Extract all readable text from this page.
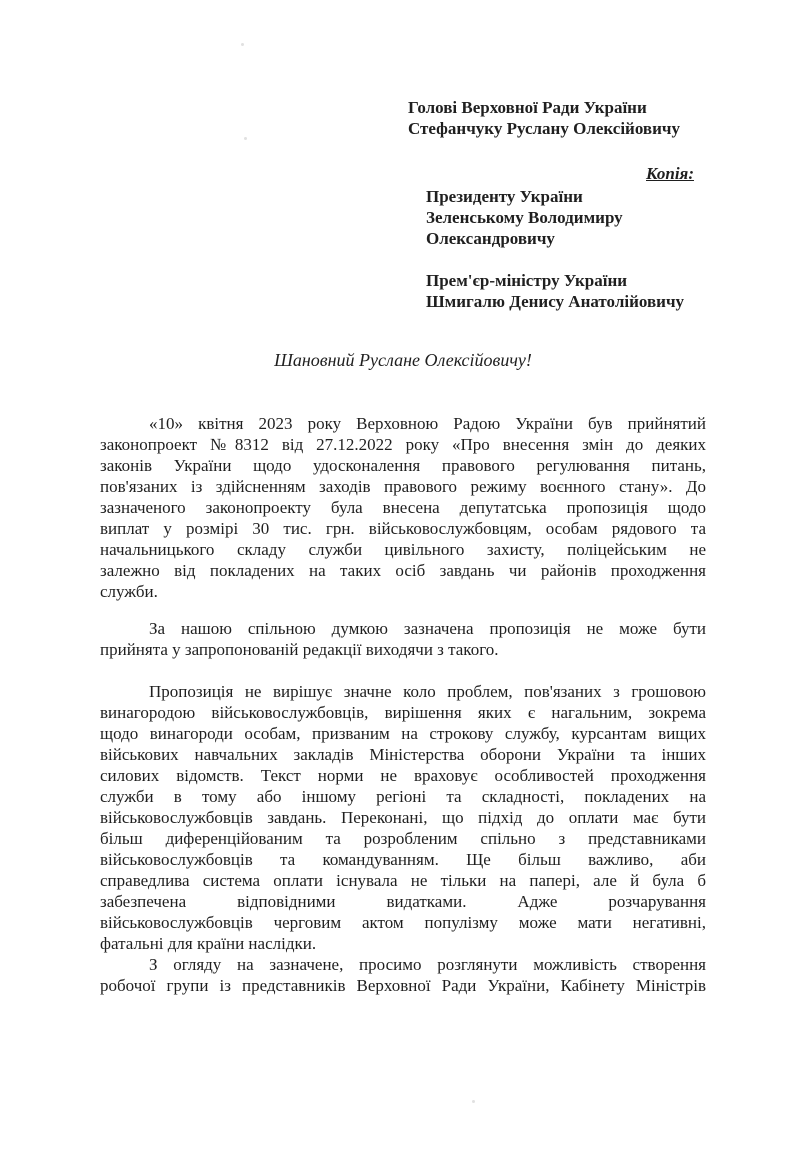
Голові Верховної Ради України
Стефанчуку Руслану Олексійовичу
Копія:
Президенту України
Зеленському Володимиру
Олександровичу
Прем'єр-міністру України
Шмигалю Денису Анатолійовичу
Шановний Руслане Олексійовичу!
«10» квітня 2023 року Верховною Радою України був прийнятий
законопроект №8312 від 27.12.2022 року «Про внесення змін до деяких
законів України щодо удосконалення правового регулювання питань,
пов'язаних із здійсненням заходів правового режиму воєнного стану». До
зазначеного законопроекту була внесена депутатська пропозиція щодо
виплат у розмірі 30 тис. грн. військовослужбовцям, особам рядового та
начальницького складу служби цивільного захисту, поліцейським не
залежно від покладених на таких осіб завдань чи районів проходження
служби.
За нашою спільною думкою зазначена пропозиція не може бути
прийнята у запропонованій редакції виходячи з такого.
Пропозиція не вирішує значне коло проблем, пов'язаних з грошовою
винагородою військовослужбовців, вирішення яких є нагальним, зокрема
щодо винагороди особам, призваним на строкову службу, курсантам вищих
військових навчальних закладів Міністерства оборони України та інших
силових відомств. Текст норми не враховує особливостей проходження
служби в тому або іншому регіоні та складності, покладених на
військовослужбовців завдань. Переконані, що підхід до оплати має бути
більш диференційованим та розробленим спільно з представниками
військовослужбовців та командуванням. Ще більш важливо, аби
справедлива система оплати існувала не тільки на папері, але й була б
забезпечена відповідними видатками. Адже розчарування
військовослужбовців черговим актом популізму може мати негативні,
фатальні для країни наслідки.
З огляду на зазначене, просимо розглянути можливість створення
робочої групи із представників Верховної Ради України, Кабінету Міністрів
